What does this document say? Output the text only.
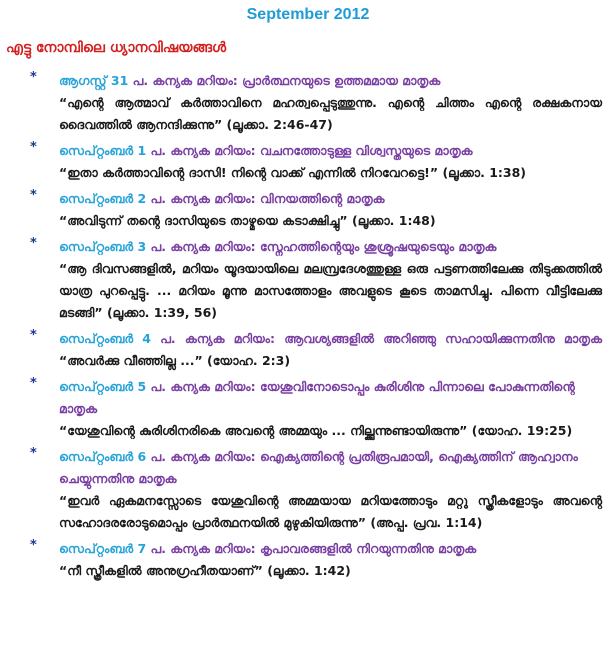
September 2012
എട്ടു നോമ്പിലെ ധ്യാനവിഷയങ്ങൾ
* ആഗസ്റ്റ് 31 പ. കന്യക മറിയം: പ്രാർത്ഥനയുടെ ഉത്തമമായ മാതൃക
“എന്റെ ആത്മാവ് കർത്താവിനെ മഹത്വപ്പെടുത്തുന്നു. എന്റെ ചിത്തം എന്റെ രക്ഷകനായ ദൈവത്തിൽ ആനന്ദിക്കുന്നു” (ലൂക്കാ. 2:46-47)
* സെപ്റ്റംബർ 1 പ. കന്യക മറിയം: വചനത്തോടുള്ള വിശ്വസ്തയുടെ മാതൃക
“ഇതാ കർത്താവിന്റെ ദാസി! നിന്റെ വാക്ക് എന്നിൽ നിറവേറട്ടെ!” (ലൂക്കാ. 1:38)
* സെപ്റ്റംബർ 2 പ. കന്യക മറിയം: വിനയത്തിന്റെ മാതൃക
“അവിടുന്ന് തന്റെ ദാസിയുടെ താഴ്മയെ കടാക്ഷിച്ചു” (ലൂക്കാ. 1:48)
* സെപ്റ്റംബർ 3 പ. കന്യക മറിയം: സ്നേഹത്തിന്റെയും ശുശ്രൂഷയുടെയും മാതൃക
“ആ ദിവസങ്ങളിൽ, മറിയം യൂദയായിലെ മലമ്പ്രദേശത്തുള്ള ഒരു പട്ടണത്തിലേക്കു തിടുക്കത്തിൽ യാത്ര പുറപ്പെട്ടു. ... മറിയം മൂന്നു മാസത്തോളം അവളുടെ കൂടെ താമസിച്ചു. പിന്നെ വീട്ടിലേക്കു മടങ്ങി” (ലൂക്കാ. 1:39, 56)
* സെപ്റ്റംബർ 4 പ. കന്യക മറിയം: ആവശ്യങ്ങളിൽ അറിഞ്ഞു സഹായിക്കുന്നതിനു മാതൃക
“അവർക്കു വീഞ്ഞില്ല ...” (യോഹ. 2:3)
* സെപ്റ്റംബർ 5 പ. കന്യക മറിയം: യേശുവിനോടൊപ്പം കുരിശിനു പിന്നാലെ പോകുന്നതിന്റെ മാതൃക
“യേശുവിന്റെ കുരിശിനരികെ അവന്റെ അമ്മയും ... നില്ക്കുന്നുണ്ടായിരുന്നു” (യോഹ. 19:25)
* സെപ്റ്റംബർ 6 പ. കന്യക മറിയം: ഐക്യത്തിന്റെ പ്രതിരൂപമായി, ഐക്യത്തിന് ആഹ്വാനം ചെയ്യുന്നതിനു മാതൃക
“ഇവർ ഏകമനസ്സോടെ യേശുവിന്റെ അമ്മയായ മറിയത്തോടും മറ്റു സ്ത്രീകളോടും അവന്റെ സഹോദരരോടുമൊപ്പം പ്രാർത്ഥനയിൽ മുഴുകിയിരുന്നു” (അപ്പ. പ്രവ. 1:14)
* സെപ്റ്റംബർ 7 പ. കന്യക മറിയം: കൃപാവരങ്ങളിൽ നിറയുന്നതിനു മാതൃക
“നീ സ്ത്രീകളിൽ അനുഗ്രഹീതയാണ്” (ലൂക്കാ. 1:42)
